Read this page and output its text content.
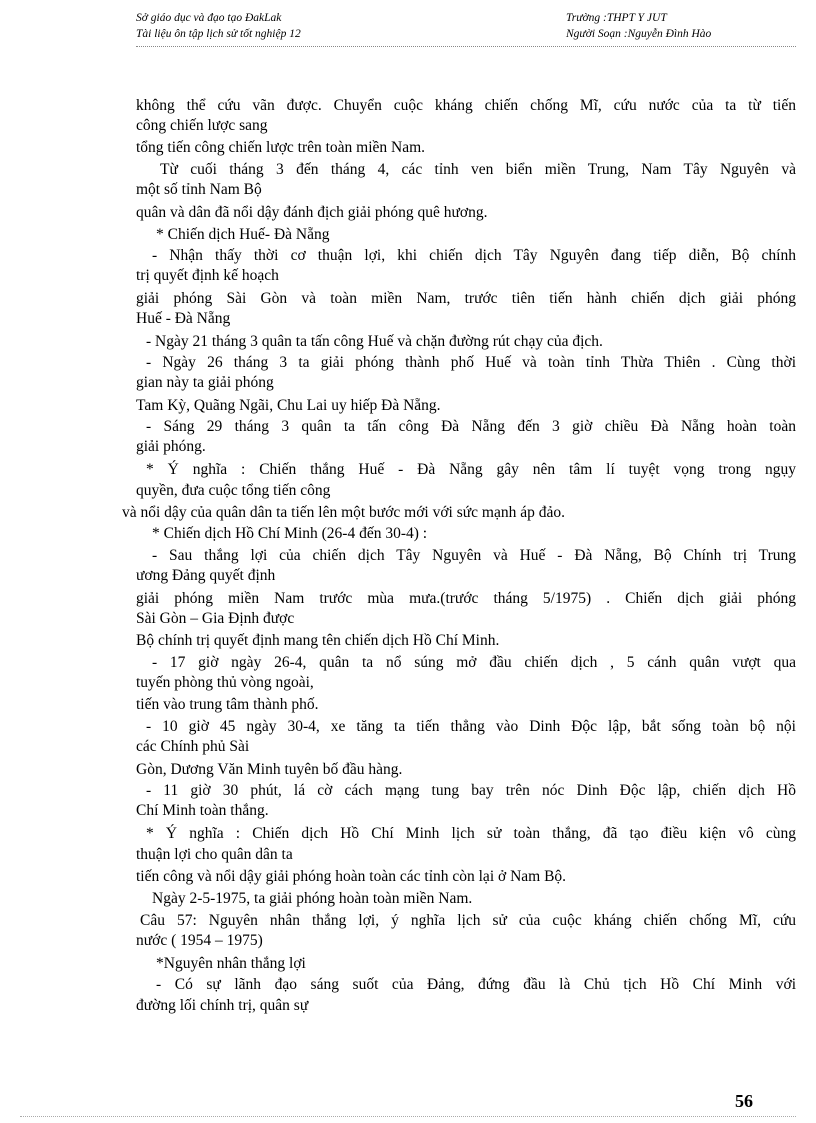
Sở giáo dục và đạo tạo ĐakLak	Trường :THPT Y JUT
Tài liệu ôn tập lịch sử tốt nghiệp 12	Người Soạn :Nguyễn Đình Hào
không thể cứu vãn được. Chuyển cuộc kháng chiến chống Mĩ, cứu nước của ta từ tiến
công chiến lược sang
tổng tiến công chiến lược trên toàn miền Nam.
Từ cuối tháng 3 đến tháng 4, các tỉnh ven biển miền Trung, Nam Tây Nguyên và
một số tỉnh Nam Bộ
quân và dân đã nổi dậy đánh địch giải phóng quê hương.
* Chiến dịch Huế- Đà Nẵng
- Nhận thấy thời cơ thuận lợi, khi chiến dịch Tây Nguyên đang tiếp diễn, Bộ chính
trị quyết định kế hoạch
giải phóng Sài Gòn và toàn miền Nam, trước tiên tiến hành chiến dịch giải phóng
Huế - Đà Nẵng
- Ngày 21 tháng 3 quân ta tấn công Huế và chặn đường rút chạy của địch.
- Ngày 26 tháng 3 ta giải phóng thành phố Huế và toàn tỉnh Thừa Thiên . Cùng thời
gian này ta giải phóng
Tam Kỳ, Quãng Ngãi, Chu Lai uy hiếp Đà Nẵng.
- Sáng 29 tháng 3 quân ta tấn công Đà Nẵng đến 3 giờ chiều Đà Nẵng hoàn toàn
giải phóng.
* Ý nghĩa : Chiến thắng Huế - Đà Nẵng gây nên tâm lí tuyệt vọng trong ngụy
quyền, đưa cuộc tổng tiến công
và nổi dậy của quân dân ta tiến lên một bước mới với sức mạnh áp đảo.
* Chiến dịch Hồ Chí Minh (26-4 đến 30-4) :
- Sau thắng lợi của chiến dịch Tây Nguyên và Huế - Đà Nẵng, Bộ Chính trị Trung
ương Đảng quyết định
giải phóng miền Nam trước mùa mưa.(trước tháng 5/1975) . Chiến dịch giải phóng
Sài Gòn – Gia Định được
Bộ chính trị quyết định mang tên chiến dịch Hồ Chí Minh.
- 17 giờ ngày 26-4, quân ta nổ súng mở đầu chiến dịch , 5 cánh quân vượt qua
tuyến phòng thủ vòng ngoài,
tiến vào trung tâm thành phố.
- 10 giờ 45 ngày 30-4, xe tăng ta tiến thẳng vào Dinh Độc lập, bắt sống toàn bộ nội
các Chính phủ Sài
Gòn, Dương Văn Minh tuyên bố đầu hàng.
- 11 giờ 30 phút, lá cờ cách mạng tung bay trên nóc Dinh Độc lập, chiến dịch Hồ
Chí Minh toàn thắng.
* Ý nghĩa : Chiến dịch Hồ Chí Minh lịch sử toàn thắng, đã tạo điều kiện vô cùng
thuận lợi cho quân dân ta
tiến công và nổi dậy giải phóng hoàn toàn các tỉnh còn lại ở Nam Bộ.
Ngày 2-5-1975, ta giải phóng hoàn toàn miền Nam.
Câu 57: Nguyên nhân thắng lợi, ý nghĩa lịch sử của cuộc kháng chiến chống Mĩ, cứu
nước ( 1954 – 1975)
*Nguyên nhân thắng lợi
- Có sự lãnh đạo sáng suốt của Đảng, đứng đầu là Chủ tịch Hồ Chí Minh với
đường lối chính trị, quân sự
56
